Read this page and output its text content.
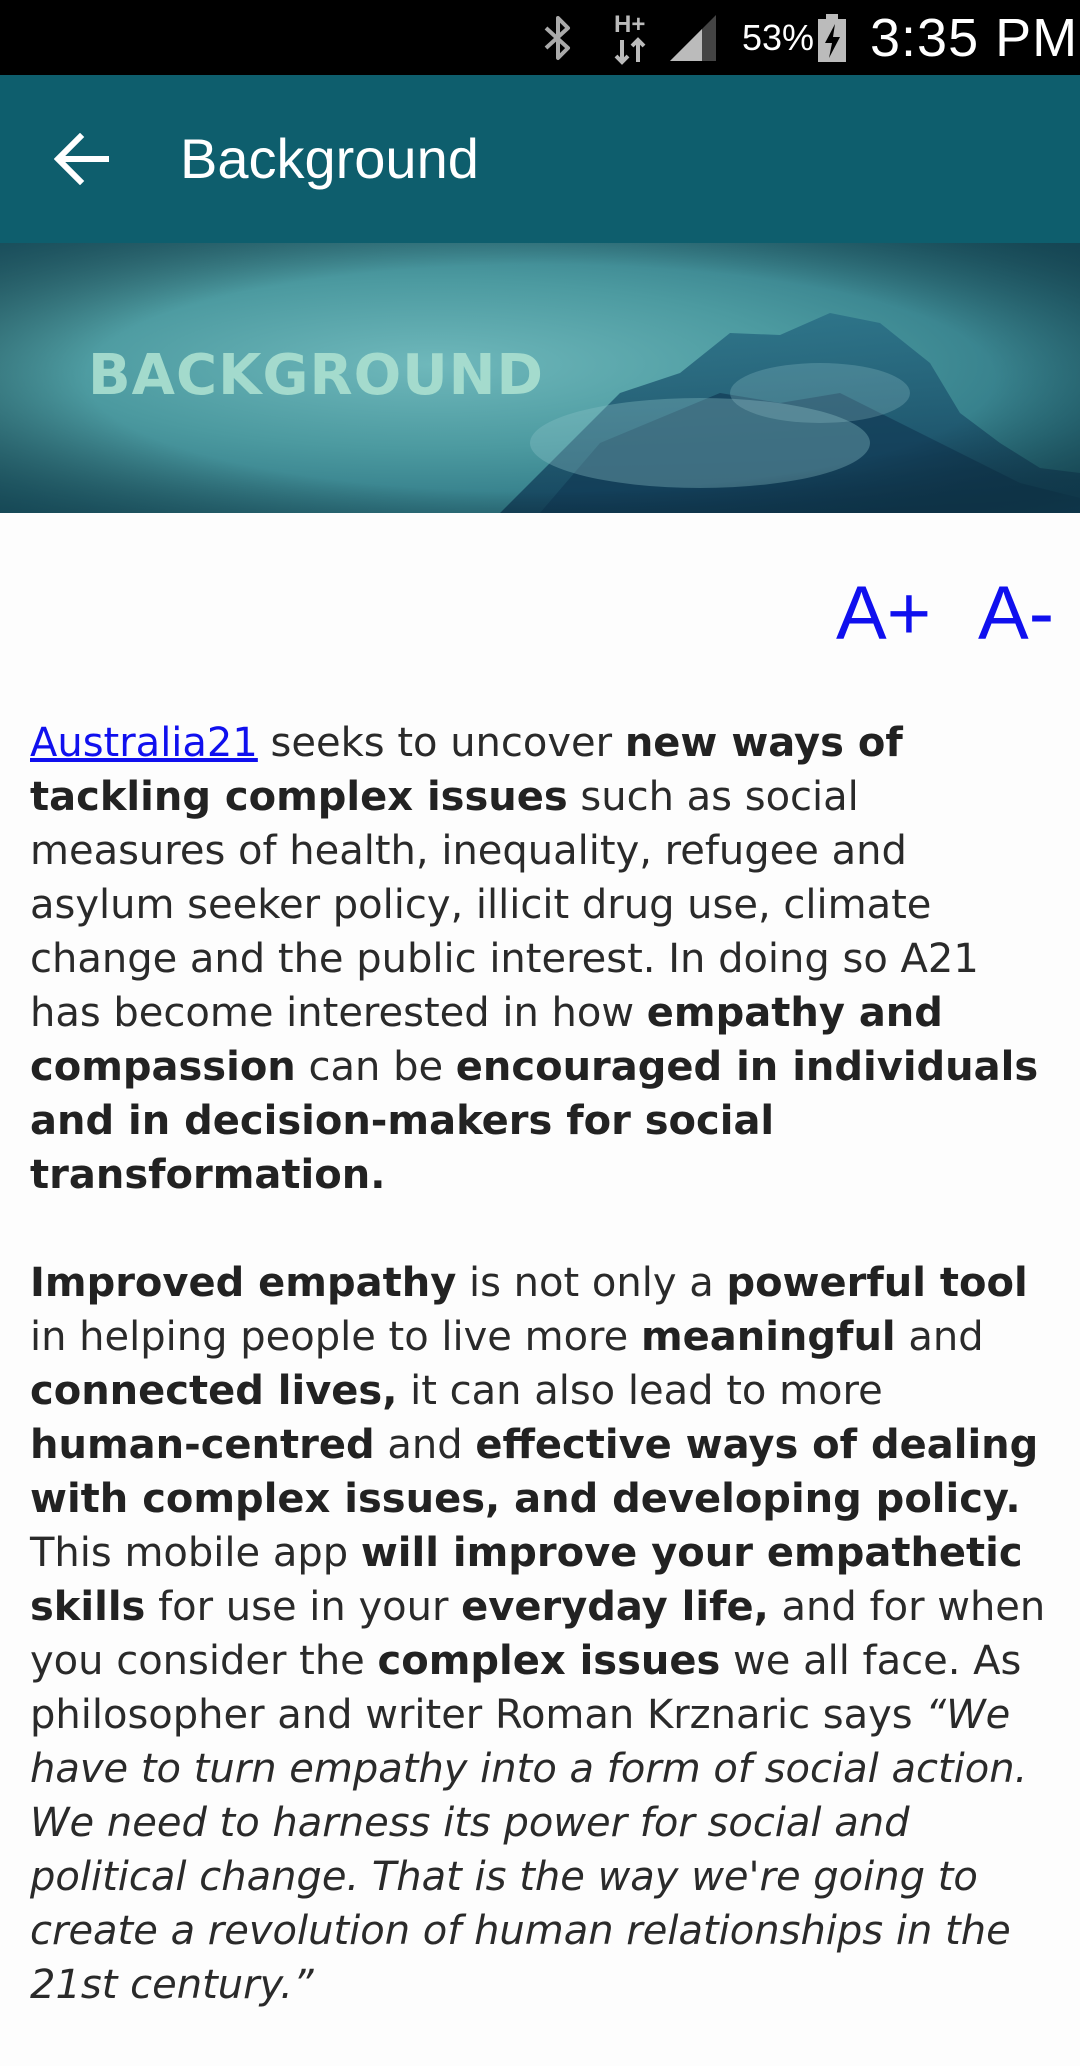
H+	53% 3:35 PM
Background
BACKGROUND
A+ A-

Australia21 seeks to uncover new ways of tackling complex issues such as social measures of health, inequality, refugee and asylum seeker policy, illicit drug use, climate change and the public interest. In doing so A21 has become interested in how empathy and compassion can be encouraged in individuals and in decision-makers for social transformation.

Improved empathy is not only a powerful tool in helping people to live more meaningful and connected lives, it can also lead to more human-centred and effective ways of dealing with complex issues, and developing policy. This mobile app will improve your empathetic skills for use in your everyday life, and for when you consider the complex issues we all face. As philosopher and writer Roman Krznaric says “We have to turn empathy into a form of social action. We need to harness its power for social and political change. That is the way we're going to create a revolution of human relationships in the 21st century.”
